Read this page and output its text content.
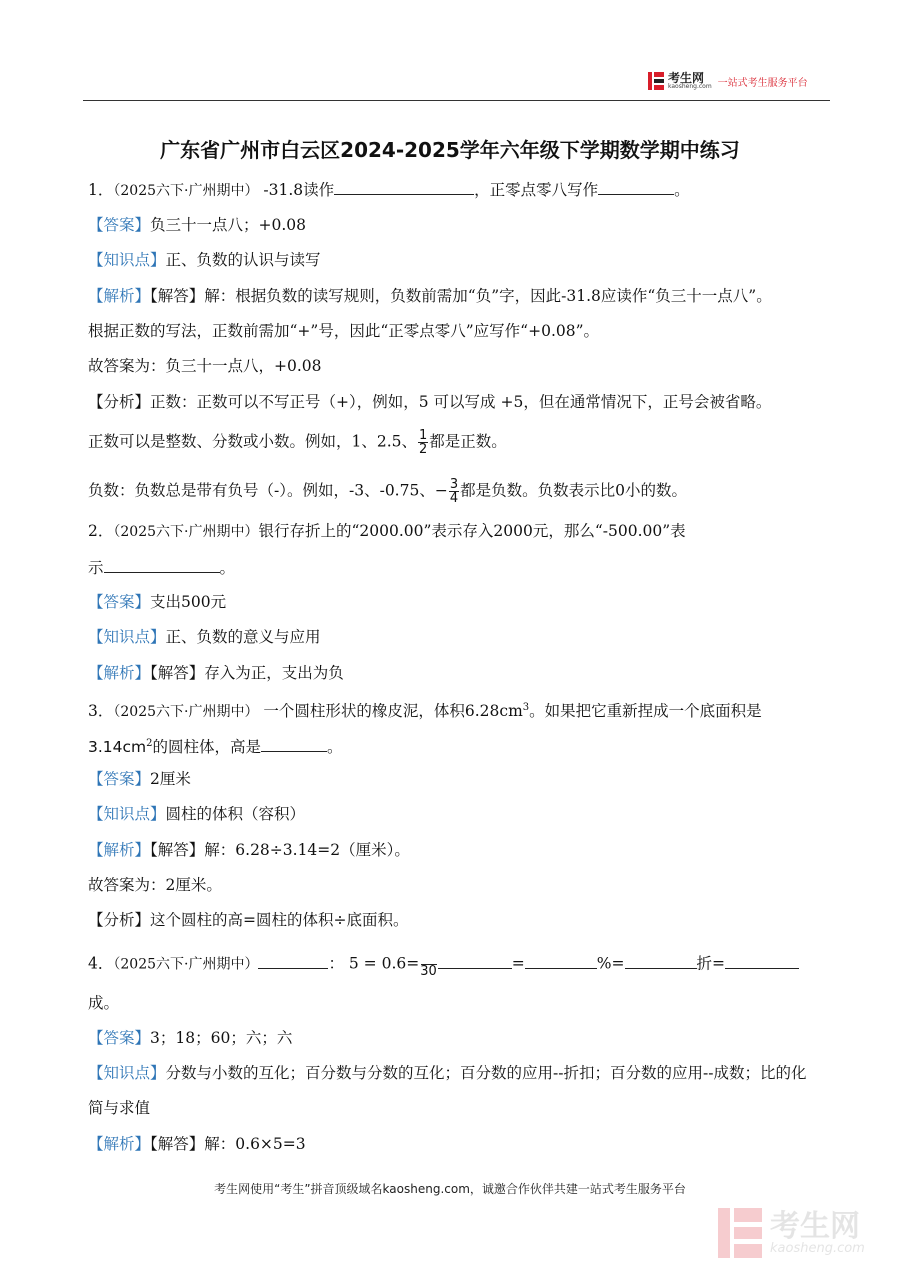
考生网
kaosheng.com 一站式考生服务平台
广东省广州市白云区2024-2025学年六年级下学期数学期中练习
1．（2025六下·广州期中） -31.8读作	，正零点零八写作	。
【答案】负三十一点八；+0.08
【知识点】正、负数的认识与读写
【解析】【解答】解：根据负数的读写规则，负数前需加“负”字，因此-31.8应读作“负三十一点八”。
根据正数的写法，正数前需加“+”号，因此“正零点零八”应写作“+0.08”。
故答案为：负三十一点八，+0.08
【分析】正数：正数可以不写正号（+），例如，5 可以写成 +5，但在通常情况下，正号会被省略。
正数可以是整数、分数或小数。例如，1、2.5、 $\frac{1}{2}$ 都是正数。
负数：负数总是带有负号（-）。例如，-3、-0.75、− $\frac{3}{4}$ 都是负数。负数表示比0小的数。
2．（2025六下·广州期中）银行存折上的“2000.00”表示存入2000元，那么“-500.00”表
示	。
【答案】支出500元
【知识点】正、负数的意义与应用
【解析】【解答】存入为正，支出为负
3．（2025六下·广州期中） 一个圆柱形状的橡皮泥，体积$6.28cm^3$。如果把它重新捏成一个底面积是
$3.14cm^2$的圆柱体，高是	。
【答案】2厘米
【知识点】圆柱的体积（容积）
【解析】【解答】解：6.28÷3.14=2（厘米）。
故答案为：2厘米。
【分析】这个圆柱的高=圆柱的体积÷底面积。
4．（2025六下·广州期中）	： 5 = 0.6= 30	=	%=	折=
成。
【答案】3；18；60；六；六
【知识点】分数与小数的互化；百分数与分数的互化；百分数的应用--折扣；百分数的应用--成数；比的化
简与求值
【解析】【解答】解：0.6×5=3
考生网使用“考生”拼音顶级域名kaosheng.com，诚邀合作伙伴共建一站式考生服务平台
考生网
kaosheng.com
